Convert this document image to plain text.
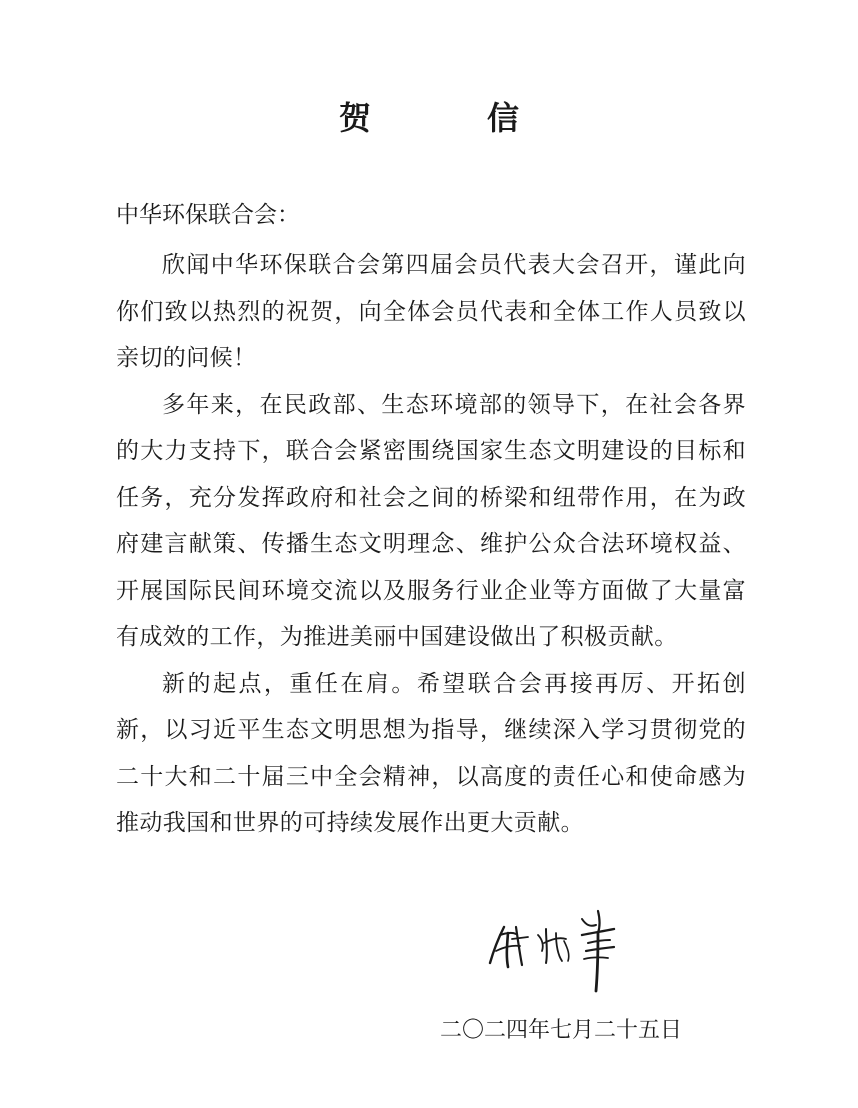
贺　信
中华环保联合会：

欣闻中华环保联合会第四届会员代表大会召开，谨此向你们致以热烈的祝贺，向全体会员代表和全体工作人员致以亲切的问候！

多年来，在民政部、生态环境部的领导下，在社会各界的大力支持下，联合会紧密围绕国家生态文明建设的目标和任务，充分发挥政府和社会之间的桥梁和纽带作用，在为政府建言献策、传播生态文明理念、维护公众合法环境权益、开展国际民间环境交流以及服务行业企业等方面做了大量富有成效的工作，为推进美丽中国建设做出了积极贡献。

新的起点，重任在肩。希望联合会再接再厉、开拓创新，以习近平生态文明思想为指导，继续深入学习贯彻党的二十大和二十届三中全会精神，以高度的责任心和使命感为推动我国和世界的可持续发展作出更大贡献。

二〇二四年七月二十五日
